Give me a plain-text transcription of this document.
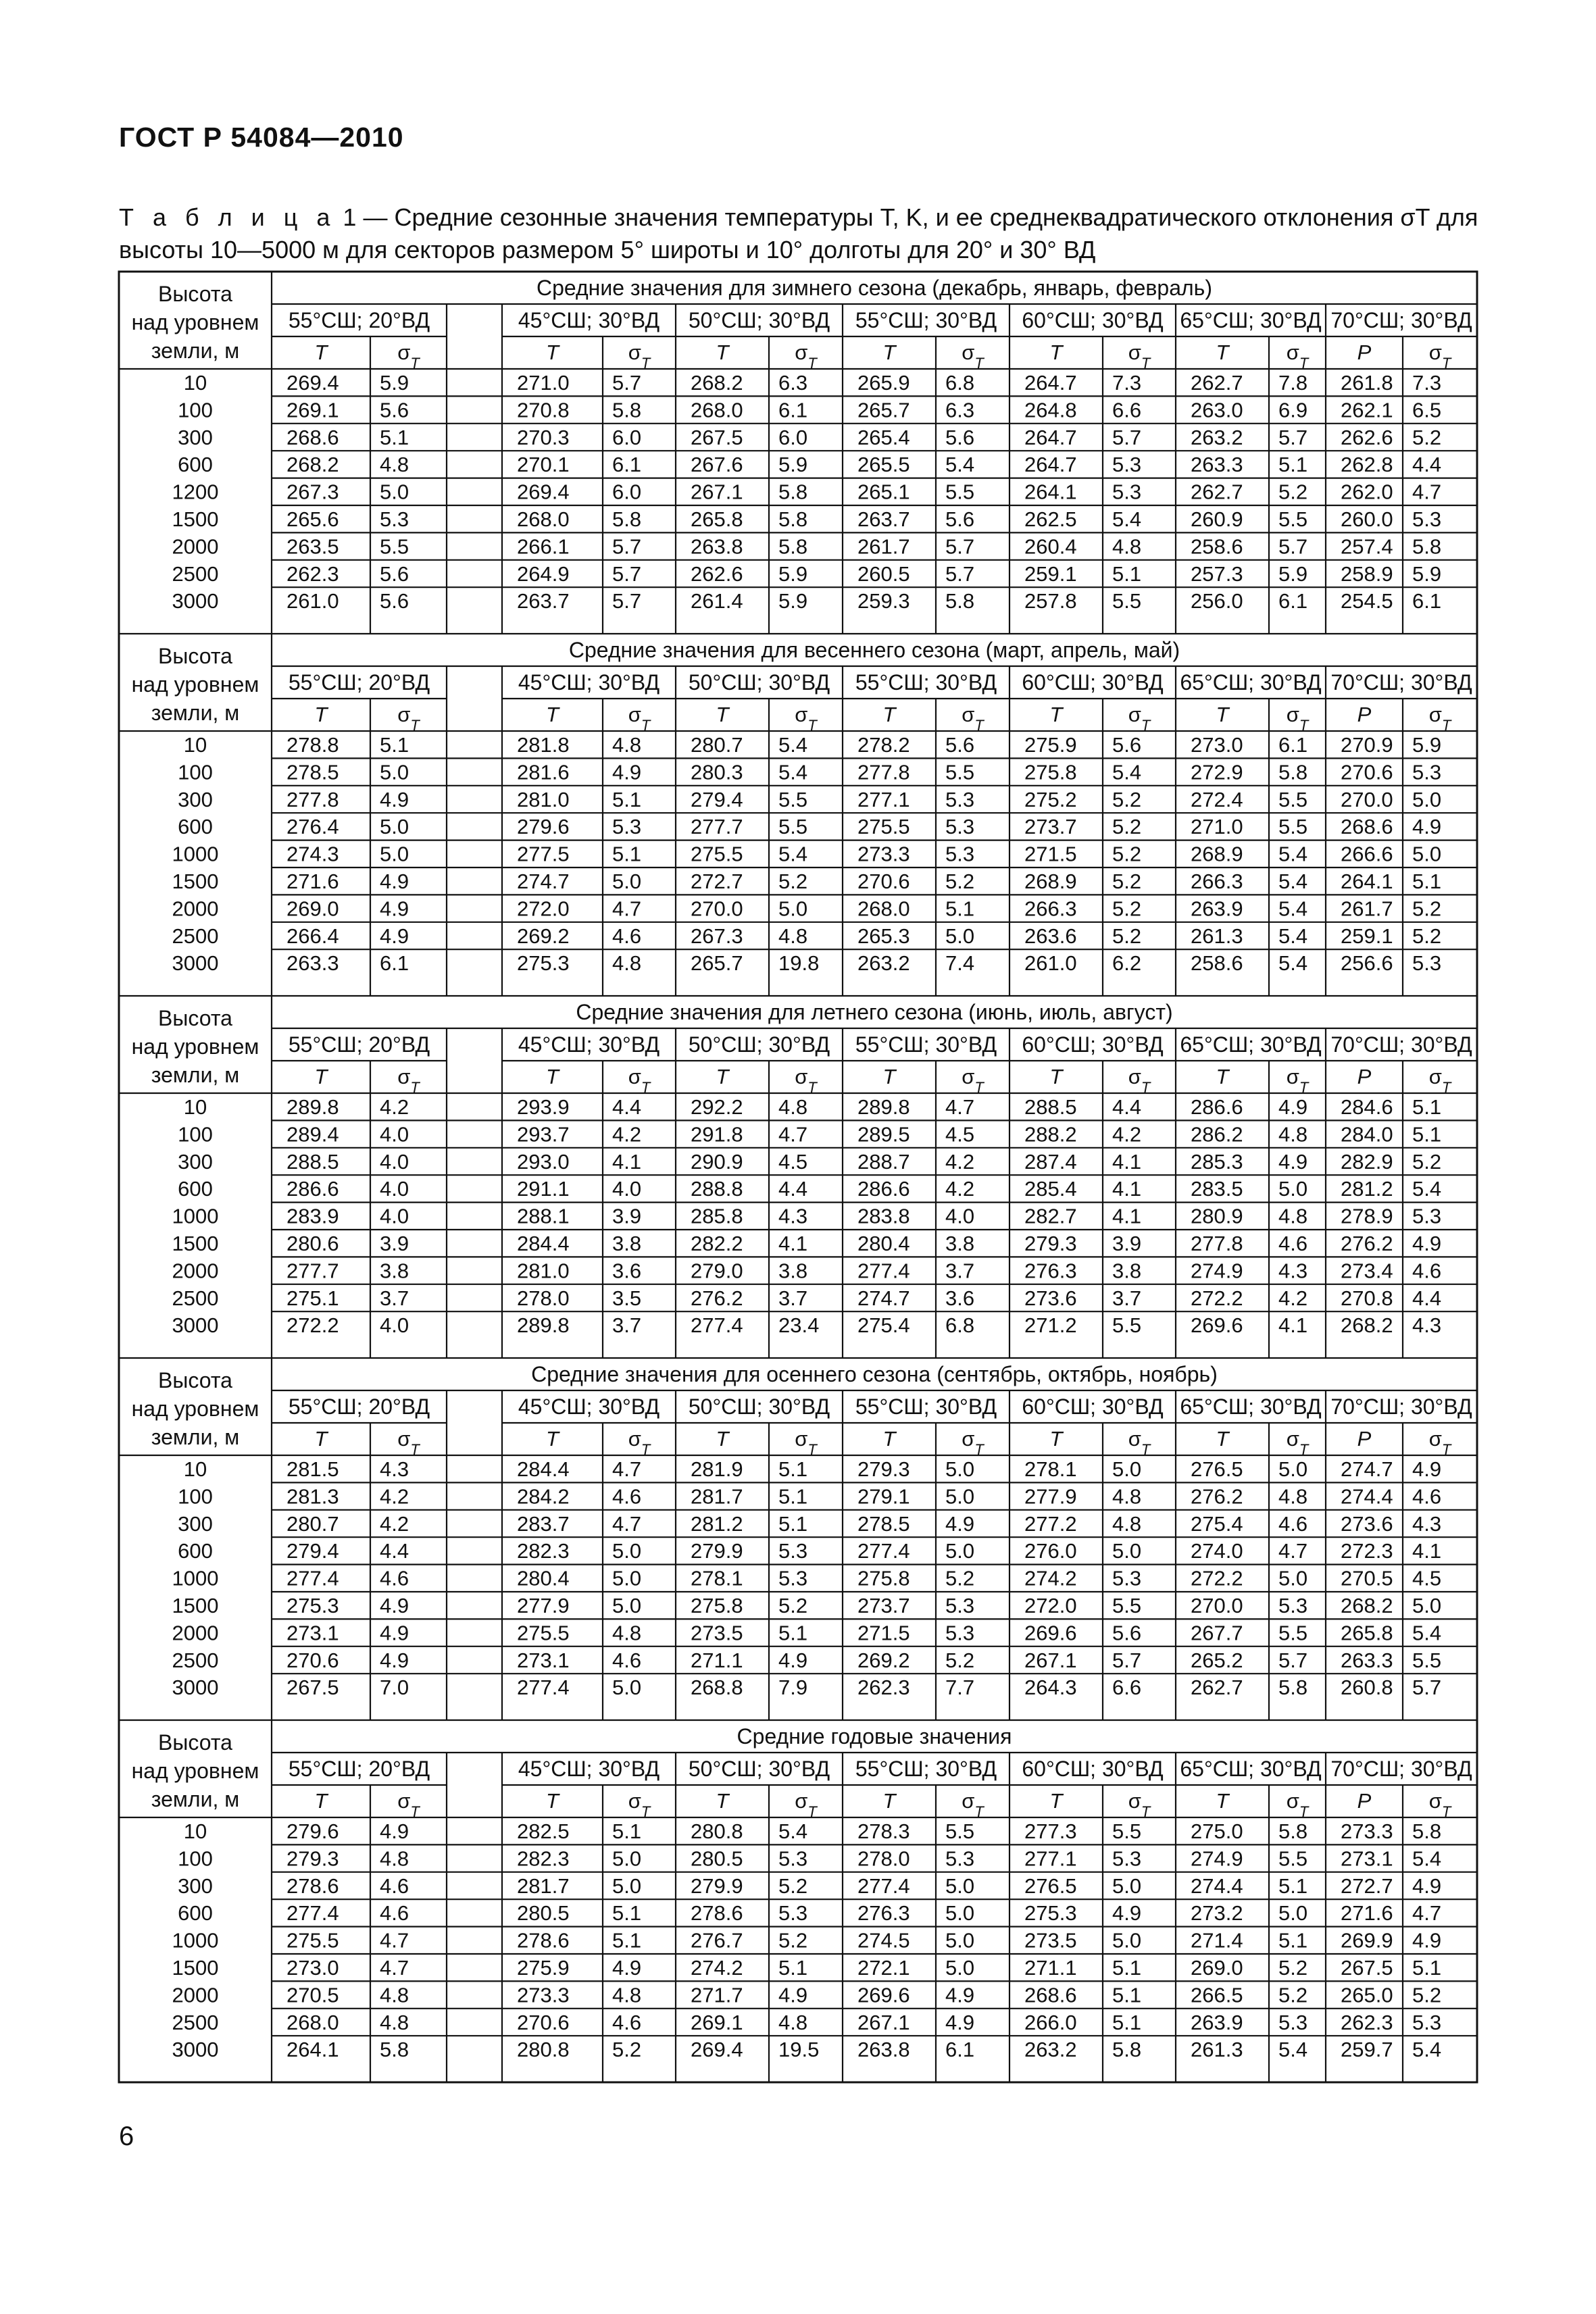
ГОСТ Р 54084—2010
Т а б л и ц а 1 — Средние сезонные значения температуры T, K, и ее среднеквадратического отклонения σT для высоты 10—5000 м для секторов размером 5° широты и 10° долготы для 20° и 30° ВД
Средние значения для зимнего сезона (декабрь, январь, февраль)
Высота
над уровнем
земли, м
55°СШ; 20°ВД	45°СШ; 30°ВД 50°СШ; 30°ВД 55°СШ; 30°ВД 60°СШ; 30°ВД 65°СШ; 30°ВД 70°СШ; 30°ВД
T	$\sigma_T$	T	$\sigma_T$	T	$\sigma_T$	T	$\sigma_T$	T	$\sigma_T$	T	$\sigma_T$ P	$\sigma_T$
10	269.4 5.9	271.0 5.7 268.2 6.3 265.9 6.8 264.7 7.3 262.7 7.8 261.8 7.3
100	269.1 5.6	270.8 5.8 268.0 6.1 265.7 6.3 264.8 6.6 263.0 6.9 262.1 6.5
300	268.6 5.1	270.3 6.0 267.5 6.0 265.4 5.6 264.7 5.7 263.2 5.7 262.6 5.2
600	268.2 4.8	270.1 6.1 267.6 5.9 265.5 5.4 264.7 5.3 263.3 5.1 262.8 4.4
1200	267.3 5.0	269.4 6.0 267.1 5.8 265.1 5.5 264.1 5.3 262.7 5.2 262.0 4.7
1500	265.6 5.3	268.0 5.8 265.8 5.8 263.7 5.6 262.5 5.4 260.9 5.5 260.0 5.3
2000	263.5 5.5	266.1 5.7 263.8 5.8 261.7 5.7 260.4 4.8 258.6 5.7 257.4 5.8
2500	262.3 5.6	264.9 5.7 262.6 5.9 260.5 5.7 259.1 5.1 257.3 5.9 258.9 5.9
3000	261.0 5.6	263.7 5.7 261.4 5.9 259.3 5.8 257.8 5.5 256.0 6.1 254.5 6.1
Средние значения для весеннего сезона (март, апрель, май)
Высота
над уровнем
земли, м
55°СШ; 20°ВД	45°СШ; 30°ВД 50°СШ; 30°ВД 55°СШ; 30°ВД 60°СШ; 30°ВД 65°СШ; 30°ВД 70°СШ; 30°ВД
T	$\sigma_T$	T	$\sigma_T$	T	$\sigma_T$	T	$\sigma_T$	T	$\sigma_T$	T	$\sigma_T$ P	$\sigma_T$
10	278.8 5.1	281.8 4.8 280.7 5.4 278.2 5.6 275.9 5.6 273.0 6.1 270.9 5.9
100	278.5 5.0	281.6 4.9 280.3 5.4 277.8 5.5 275.8 5.4 272.9 5.8 270.6 5.3
300	277.8 4.9	281.0 5.1 279.4 5.5 277.1 5.3 275.2 5.2 272.4 5.5 270.0 5.0
600	276.4 5.0	279.6 5.3 277.7 5.5 275.5 5.3 273.7 5.2 271.0 5.5 268.6 4.9
1000	274.3 5.0	277.5 5.1 275.5 5.4 273.3 5.3 271.5 5.2 268.9 5.4 266.6 5.0
1500	271.6 4.9	274.7 5.0 272.7 5.2 270.6 5.2 268.9 5.2 266.3 5.4 264.1 5.1
2000	269.0 4.9	272.0 4.7 270.0 5.0 268.0 5.1 266.3 5.2 263.9 5.4 261.7 5.2
2500	266.4 4.9	269.2 4.6 267.3 4.8 265.3 5.0 263.6 5.2 261.3 5.4 259.1 5.2
3000	263.3 6.1	275.3 4.8 265.7 19.8 263.2 7.4 261.0 6.2 258.6 5.4 256.6 5.3
Средние значения для летнего сезона (июнь, июль, август)
Высота
над уровнем
земли, м
55°СШ; 20°ВД	45°СШ; 30°ВД 50°СШ; 30°ВД 55°СШ; 30°ВД 60°СШ; 30°ВД 65°СШ; 30°ВД 70°СШ; 30°ВД
T	$\sigma_T$	T	$\sigma_T$	T	$\sigma_T$	T	$\sigma_T$	T	$\sigma_T$	T	$\sigma_T$ P	$\sigma_T$
10	289.8 4.2	293.9 4.4 292.2 4.8 289.8 4.7 288.5 4.4 286.6 4.9 284.6 5.1
100	289.4 4.0	293.7 4.2 291.8 4.7 289.5 4.5 288.2 4.2 286.2 4.8 284.0 5.1
300	288.5 4.0	293.0 4.1 290.9 4.5 288.7 4.2 287.4 4.1 285.3 4.9 282.9 5.2
600	286.6 4.0	291.1 4.0 288.8 4.4 286.6 4.2 285.4 4.1 283.5 5.0 281.2 5.4
1000	283.9 4.0	288.1 3.9 285.8 4.3 283.8 4.0 282.7 4.1 280.9 4.8 278.9 5.3
1500	280.6 3.9	284.4 3.8 282.2 4.1 280.4 3.8 279.3 3.9 277.8 4.6 276.2 4.9
2000	277.7 3.8	281.0 3.6 279.0 3.8 277.4 3.7 276.3 3.8 274.9 4.3 273.4 4.6
2500	275.1 3.7	278.0 3.5 276.2 3.7 274.7 3.6 273.6 3.7 272.2 4.2 270.8 4.4
3000	272.2 4.0	289.8 3.7 277.4 23.4 275.4 6.8 271.2 5.5 269.6 4.1 268.2 4.3
Средние значения для осеннего сезона (сентябрь, октябрь, ноябрь)
Высота
над уровнем
земли, м
55°СШ; 20°ВД	45°СШ; 30°ВД 50°СШ; 30°ВД 55°СШ; 30°ВД 60°СШ; 30°ВД 65°СШ; 30°ВД 70°СШ; 30°ВД
T	$\sigma_T$	T	$\sigma_T$	T	$\sigma_T$	T	$\sigma_T$	T	$\sigma_T$	T	$\sigma_T$ P	$\sigma_T$
10	281.5 4.3	284.4 4.7 281.9 5.1 279.3 5.0 278.1 5.0 276.5 5.0 274.7 4.9
100	281.3 4.2	284.2 4.6 281.7 5.1 279.1 5.0 277.9 4.8 276.2 4.8 274.4 4.6
300	280.7 4.2	283.7 4.7 281.2 5.1 278.5 4.9 277.2 4.8 275.4 4.6 273.6 4.3
600	279.4 4.4	282.3 5.0 279.9 5.3 277.4 5.0 276.0 5.0 274.0 4.7 272.3 4.1
1000	277.4 4.6	280.4 5.0 278.1 5.3 275.8 5.2 274.2 5.3 272.2 5.0 270.5 4.5
1500	275.3 4.9	277.9 5.0 275.8 5.2 273.7 5.3 272.0 5.5 270.0 5.3 268.2 5.0
2000	273.1 4.9	275.5 4.8 273.5 5.1 271.5 5.3 269.6 5.6 267.7 5.5 265.8 5.4
2500	270.6 4.9	273.1 4.6 271.1 4.9 269.2 5.2 267.1 5.7 265.2 5.7 263.3 5.5
3000	267.5 7.0	277.4 5.0 268.8 7.9 262.3 7.7 264.3 6.6 262.7 5.8 260.8 5.7
Средние годовые значения
Высота
над уровнем
земли, м
55°СШ; 20°ВД	45°СШ; 30°ВД 50°СШ; 30°ВД 55°СШ; 30°ВД 60°СШ; 30°ВД 65°СШ; 30°ВД 70°СШ; 30°ВД
T	$\sigma_T$	T	$\sigma_T$	T	$\sigma_T$	T	$\sigma_T$	T	$\sigma_T$	T	$\sigma_T$ P	$\sigma_T$
10	279.6 4.9	282.5 5.1 280.8 5.4 278.3 5.5 277.3 5.5 275.0 5.8 273.3 5.8
100	279.3 4.8	282.3 5.0 280.5 5.3 278.0 5.3 277.1 5.3 274.9 5.5 273.1 5.4
300	278.6 4.6	281.7 5.0 279.9 5.2 277.4 5.0 276.5 5.0 274.4 5.1 272.7 4.9
600	277.4 4.6	280.5 5.1 278.6 5.3 276.3 5.0 275.3 4.9 273.2 5.0 271.6 4.7
1000	275.5 4.7	278.6 5.1 276.7 5.2 274.5 5.0 273.5 5.0 271.4 5.1 269.9 4.9
1500	273.0 4.7	275.9 4.9 274.2 5.1 272.1 5.0 271.1 5.1 269.0 5.2 267.5 5.1
2000	270.5 4.8	273.3 4.8 271.7 4.9 269.6 4.9 268.6 5.1 266.5 5.2 265.0 5.2
2500	268.0 4.8	270.6 4.6 269.1 4.8 267.1 4.9 266.0 5.1 263.9 5.3 262.3 5.3
3000	264.1 5.8	280.8 5.2 269.4 19.5 263.8 6.1 263.2 5.8 261.3 5.4 259.7 5.4
6
